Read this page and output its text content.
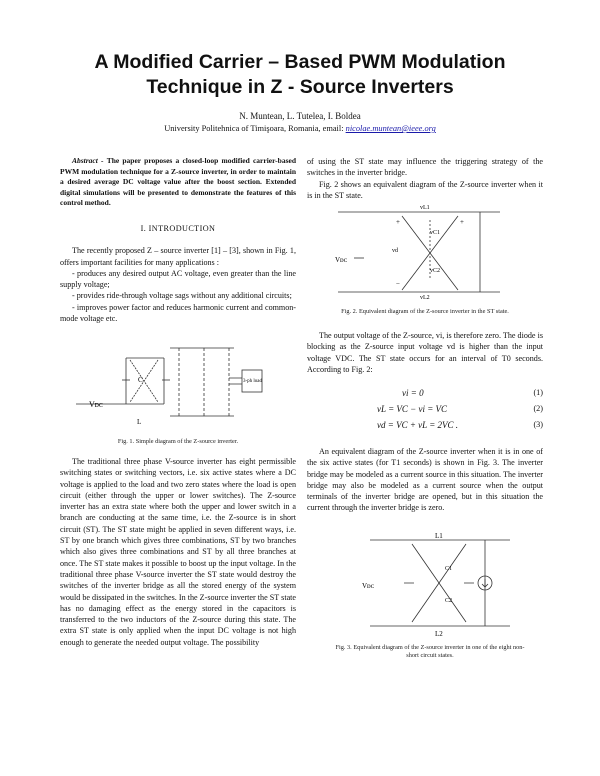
A Modified Carrier – Based PWM Modulation
Technique in Z - Source Inverters
N. Muntean, L. Tutelea, I. Boldea
University Politehnica of Timişoara, Romania, email: nicolae.muntean@ieee.org

Abstract - The paper proposes a closed-loop modified carrier-based PWM modulation technique for a Z-source inverter, in order to maintain a desired average DC voltage value after the boost section. Extended digital simulations will be presented to demonstrate the features of this control method.

I. INTRODUCTION

The recently proposed Z – source inverter [1] – [3], shown in Fig. 1, offers important facilities for many applications :

- produces any desired output AC voltage, even greater than the line supply voltage;

- provides ride-through voltage sags without any additional circuits;

- improves power factor and reduces harmonic current and common-mode voltage etc.

Vᴅᴄ
C
L
3-ph load
Fig. 1. Simple diagram of the Z-source inverter.

The traditional three phase V-source inverter has eight permissible switching states or switching vectors, i.e. six active states where a DC voltage is applied to the load and two zero states where the load is open circuit (either through the upper or lower switches). The Z-source inverter has an extra state where both the upper and lower switch in a branch are conducting at the same time, i.e. the Z-source is in short circuit (ST). The ST state might be applied in seven different ways, i.e. ST by one branch which gives three combinations, ST by two branches which also gives three combinations and ST by all three branches at once. The ST state makes it possible to boost up the input voltage. In the traditional three phase V-source inverter the ST state would destroy the switches of the inverter bridge as all the stored energy of the system would be dissipated in the switches. In the Z-source inverter the ST state has no damaging effect as the energy stored in the capacitors is transferred to the two inductors of the Z-source during this state. The extra ST state is only applied when the input DC voltage is not high enough to generate the needed output voltage. The possibility

of using the ST state may influence the triggering strategy of the switches in the inverter bridge.

Fig. 2 shows an equivalent diagram of the Z-source inverter when it is in the ST state.

+	+
−
Vᴅᴄ
vd
vL1
vC1
vC2
vL2
Fig. 2. Equivalent diagram of the Z-source inverter in the ST state.

The output voltage of the Z-source, vi, is therefore zero. The diode is blocking as the Z-source input voltage vd is higher than the input voltage VDC. The ST state occurs for an interval of T0 seconds. According to Fig. 2:

vi = 0	(1)
vL = VC − vi = VC	(2)
vd = VC + vL = 2VC .	(3)

An equivalent diagram of the Z-source inverter when it is in one of the six active states (for T1 seconds) is shown in Fig. 3. The inverter bridge may be modeled as a current source in this situation. The inverter bridge may also be modeled as a current source when the output terminals of the inverter bridge are opened, but in this situation the current through the inverter bridge is zero.

Vᴅᴄ
L1
C1
C2
L2
Fig. 3. Equivalent diagram of the Z-source inverter in one of the eight non-short circuit states.
